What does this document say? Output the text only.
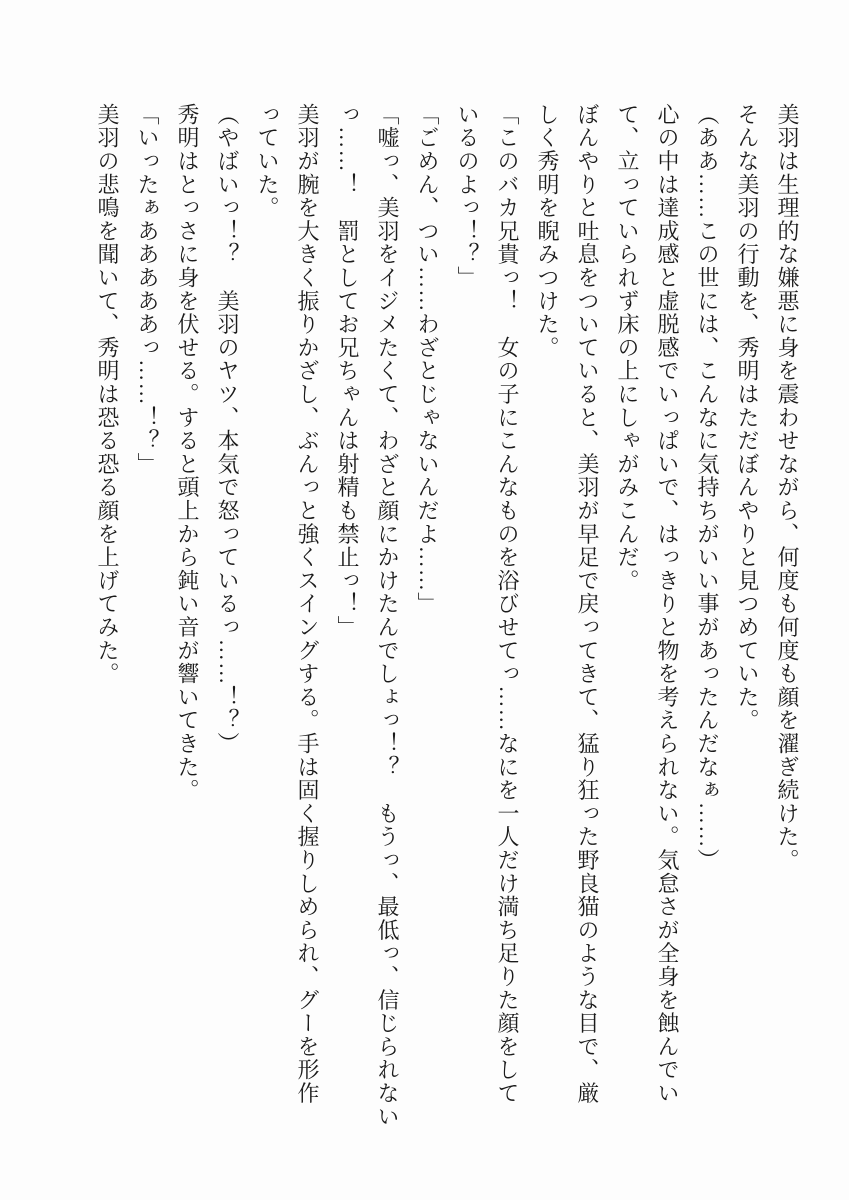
美羽は生理的な嫌悪に身を震わせながら、何度も何度も顔を濯ぎ続けた。
そんな美羽の行動を、秀明はただぼんやりと見つめていた。
（ああ……この世には、こんなに気持ちがいい事があったんだなぁ……）
心の中は達成感と虚脱感でいっぱいで、はっきりと物を考えられない。気怠さが全身を蝕んでい
て、立っていられず床の上にしゃがみこんだ。
ぼんやりと吐息をついていると、美羽が早足で戻ってきて、猛り狂った野良猫のような目で、厳
しく秀明を睨みつけた。
「このバカ兄貴っ！　女の子にこんなものを浴びせてっ……なにを一人だけ満ち足りた顔をして
いるのよっ！？」
「ごめん、つい……わざとじゃないんだよ……」
「嘘っ、美羽をイジメたくて、わざと顔にかけたんでしょっ！？　もうっ、最低っ、信じられない
っ……！　罰としてお兄ちゃんは射精も禁止っ！」
美羽が腕を大きく振りかざし、ぶんっと強くスイングする。手は固く握りしめられ、グーを形作
っていた。
（やばいっ！？　美羽のヤツ、本気で怒っているっ……！？）
秀明はとっさに身を伏せる。すると頭上から鈍い音が響いてきた。
「いったぁあああああっ……！？」
美羽の悲鳴を聞いて、秀明は恐る恐る顔を上げてみた。
